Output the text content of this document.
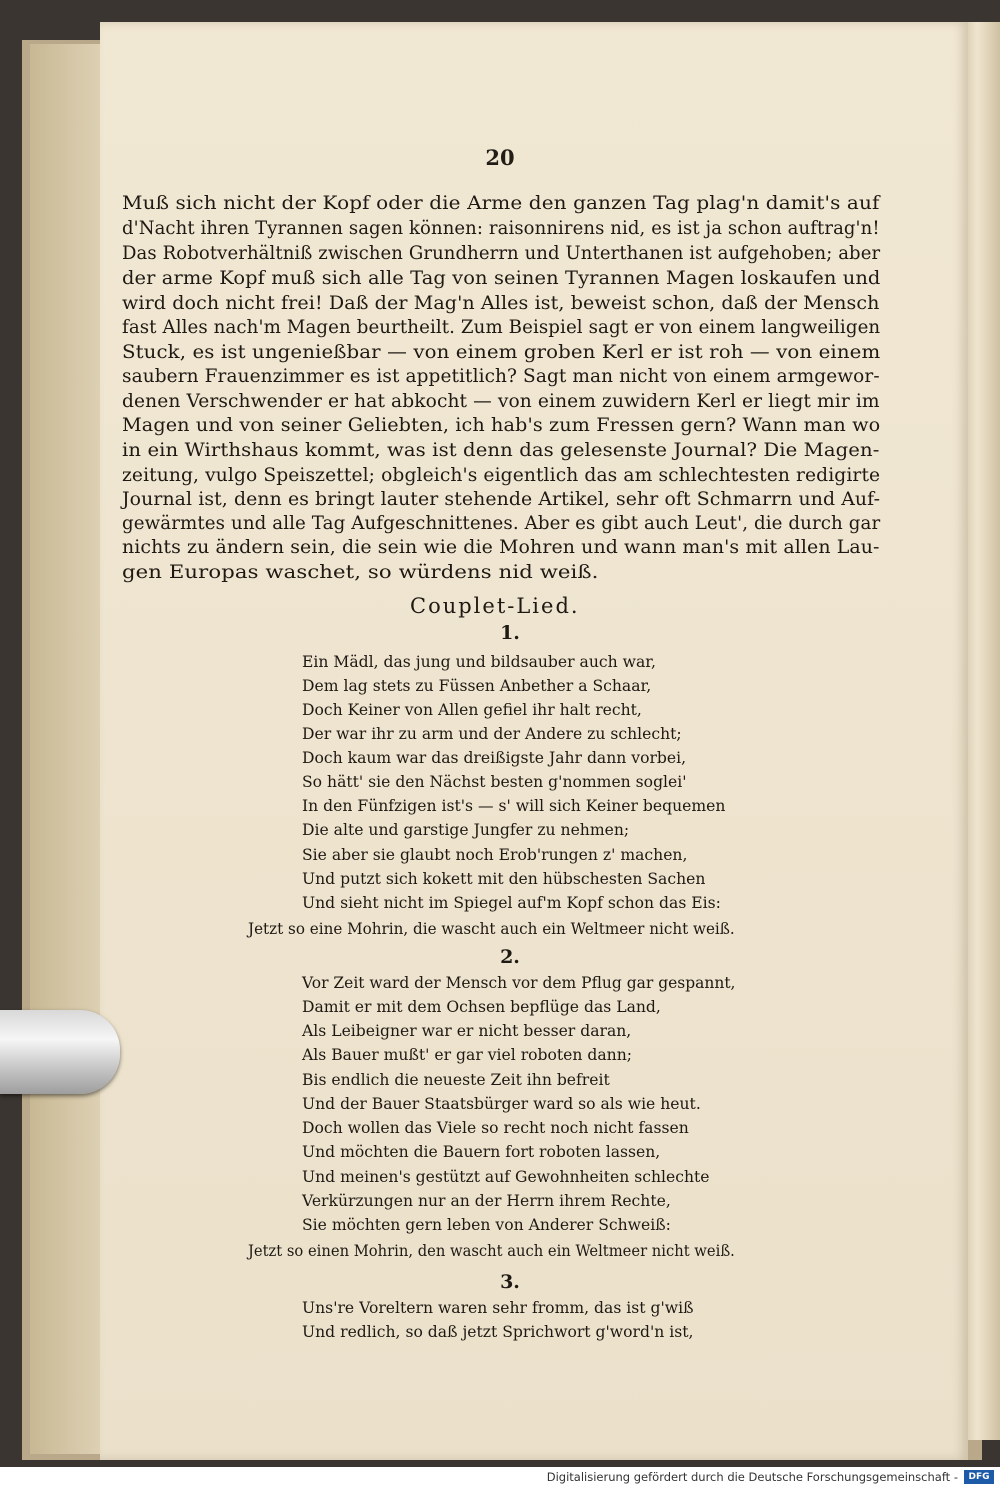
20
Muß sich nicht der Kopf oder die Arme den ganzen Tag plag'n damit's auf
d'Nacht ihren Tyrannen sagen können: raisonnirens nid, es ist ja schon auftrag'n!
Das Robotverhältniß zwischen Grundherrn und Unterthanen ist aufgehoben; aber
der arme Kopf muß sich alle Tag von seinen Tyrannen Magen loskaufen und
wird doch nicht frei! Daß der Mag'n Alles ist, beweist schon, daß der Mensch
fast Alles nach'm Magen beurtheilt. Zum Beispiel sagt er von einem langweiligen
Stuck, es ist ungenießbar — von einem groben Kerl er ist roh — von einem
saubern Frauenzimmer es ist appetitlich? Sagt man nicht von einem armgewor-
denen Verschwender er hat abkocht — von einem zuwidern Kerl er liegt mir im
Magen und von seiner Geliebten, ich hab's zum Fressen gern? Wann man wo
in ein Wirthshaus kommt, was ist denn das gelesenste Journal? Die Magen-
zeitung, vulgo Speiszettel; obgleich's eigentlich das am schlechtesten redigirte
Journal ist, denn es bringt lauter stehende Artikel, sehr oft Schmarrn und Auf-
gewärmtes und alle Tag Aufgeschnittenes. Aber es gibt auch Leut', die durch gar
nichts zu ändern sein, die sein wie die Mohren und wann man's mit allen Lau-
gen Europas waschet, so würdens nid weiß.
Couplet-Lied.
1.
Ein Mädl, das jung und bildsauber auch war,
Dem lag stets zu Füssen Anbether a Schaar,
Doch Keiner von Allen gefiel ihr halt recht,
Der war ihr zu arm und der Andere zu schlecht;
Doch kaum war das dreißigste Jahr dann vorbei,
So hätt' sie den Nächst besten g'nommen soglei'
In den Fünfzigen ist's — s' will sich Keiner bequemen
Die alte und garstige Jungfer zu nehmen;
Sie aber sie glaubt noch Erob'rungen z' machen,
Und putzt sich kokett mit den hübschesten Sachen
Und sieht nicht im Spiegel auf'm Kopf schon das Eis:
Jetzt so eine Mohrin, die wascht auch ein Weltmeer nicht weiß.
2.
Vor Zeit ward der Mensch vor dem Pflug gar gespannt,
Damit er mit dem Ochsen bepflüge das Land,
Als Leibeigner war er nicht besser daran,
Als Bauer mußt' er gar viel roboten dann;
Bis endlich die neueste Zeit ihn befreit
Und der Bauer Staatsbürger ward so als wie heut.
Doch wollen das Viele so recht noch nicht fassen
Und möchten die Bauern fort roboten lassen,
Und meinen's gestützt auf Gewohnheiten schlechte
Verkürzungen nur an der Herrn ihrem Rechte,
Sie möchten gern leben von Anderer Schweiß:
Jetzt so einen Mohrin, den wascht auch ein Weltmeer nicht weiß.
3.
Uns're Voreltern waren sehr fromm, das ist g'wiß
Und redlich, so daß jetzt Sprichwort g'word'n ist,
Digitalisierung gefördert durch die Deutsche Forschungsgemeinschaft -	DFG
